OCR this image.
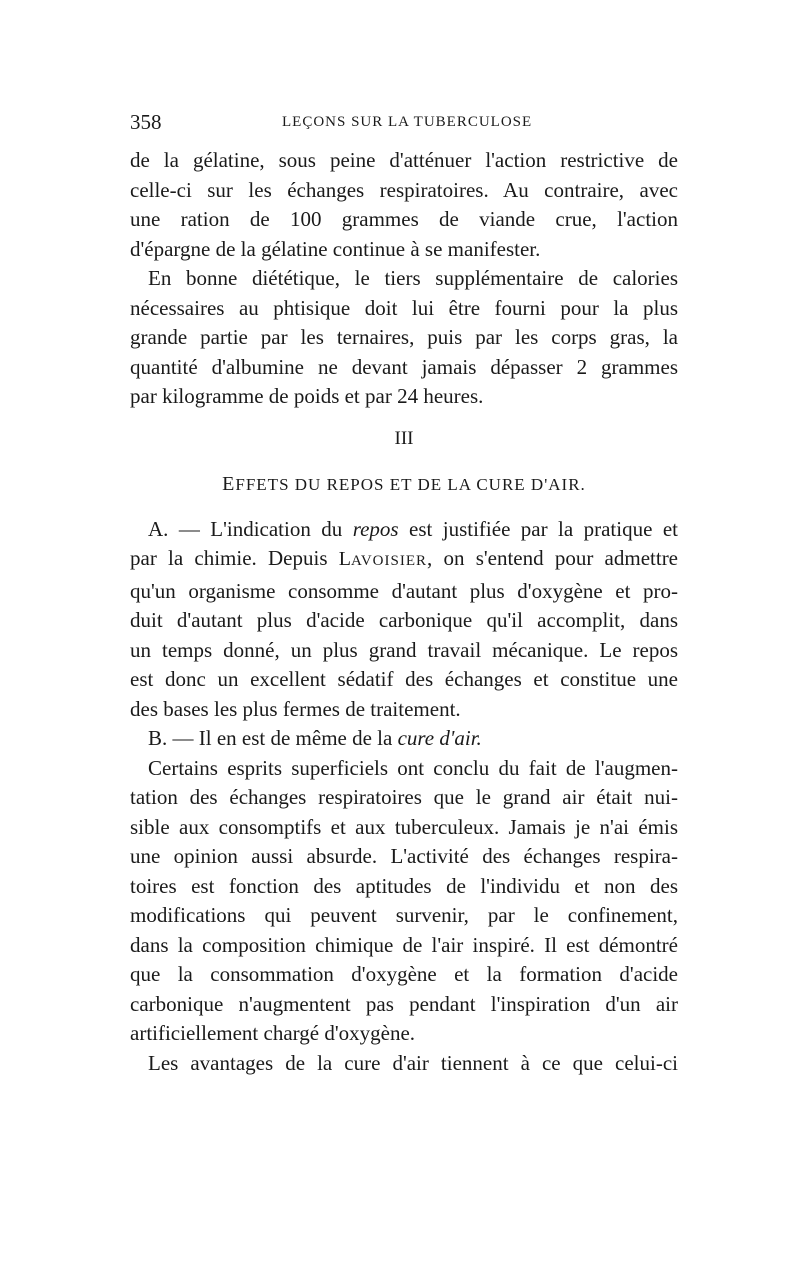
358	LEÇONS SUR LA TUBERCULOSE

de la gélatine, sous peine d'atténuer l'action restrictive de

celle-ci sur les échanges respiratoires. Au contraire, avec

une ration de 100 grammes de viande crue, l'action

d'épargne de la gélatine continue à se manifester.

En bonne diététique, le tiers supplémentaire de calories

nécessaires au phtisique doit lui être fourni pour la plus

grande partie par les ternaires, puis par les corps gras, la

quantité d'albumine ne devant jamais dépasser 2 grammes

par kilogramme de poids et par 24 heures.

III
EFFETS DU REPOS ET DE LA CURE D'AIR.

A. — L'indication du repos est justifiée par la pratique et

par la chimie. Depuis LAVOISIER, on s'entend pour admettre

qu'un organisme consomme d'autant plus d'oxygène et pro-

duit d'autant plus d'acide carbonique qu'il accomplit, dans

un temps donné, un plus grand travail mécanique. Le repos

est donc un excellent sédatif des échanges et constitue une

des bases les plus fermes de traitement.

B. — Il en est de même de la cure d'air.

Certains esprits superficiels ont conclu du fait de l'augmen-

tation des échanges respiratoires que le grand air était nui-

sible aux consomptifs et aux tuberculeux. Jamais je n'ai émis

une opinion aussi absurde. L'activité des échanges respira-

toires est fonction des aptitudes de l'individu et non des

modifications qui peuvent survenir, par le confinement,

dans la composition chimique de l'air inspiré. Il est démontré

que la consommation d'oxygène et la formation d'acide

carbonique n'augmentent pas pendant l'inspiration d'un air

artificiellement chargé d'oxygène.

Les avantages de la cure d'air tiennent à ce que celui-ci
